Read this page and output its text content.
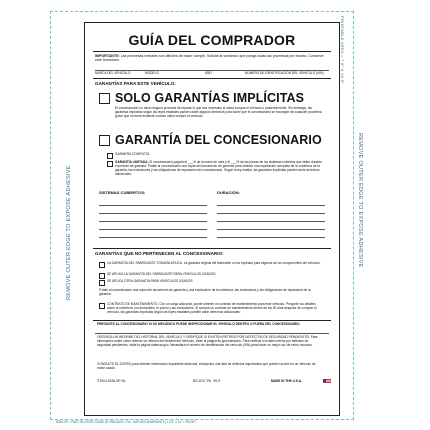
REMOVE OUTER EDGE TO EXPOSE ADHESIVE	REMOVE OUTER EDGE TO EXPOSE ADHESIVE
PRINTABLE AREA = 7.5" X 10.5"
GUÍA DEL COMPRADOR
IMPORTANTE: Las promesas verbales son difíciles de hacer cumplir. Solicite al vendedor que ponga todas las promesas por escrito. Conserve este formulario.
MARCA DEL VEHÍCULO	MODELO	AÑO	NÚMERO DE IDENTIFICACIÓN DEL VEHÍCULO (VIN)
GARANTÍAS PARA ESTE VEHÍCULO:
SOLO GARANTÍAS IMPLÍCITAS
El concesionario no hace ninguna promesa de reparar lo que sea necesario si usted compra el vehículo o posteriormente. Sin embargo, las garantías implícitas según las leyes estatales pueden darle algunos derechos para hacer que el concesionario se encargue de cualquier problema grave que no fuera evidente cuando usted compró el vehículo.
GARANTÍA DEL CONCESIONARIO
GARANTÍA COMPLETA.
GARANTÍA LIMITADA. El concesionario pagará el ___% de la mano de obra y el ___% de las piezas de los sistemas cubiertos que fallen durante el periodo de garantía. Pídale al concesionario una copia del documento de garantía para obtener una explicación completa de la cobertura de la garantía, las exclusiones y las obligaciones de reparación del concesionario. Según la ley estatal, las garantías implícitas pueden darle derechos adicionales.
SISTEMAS CUBIERTOS:	DURACIÓN:
GARANTÍAS QUE NO PERTENECEN AL CONCESIONARIO:
LA GARANTÍA DEL FABRICANTE TODAVÍA APLICA. La garantía original del fabricante no ha expirado para algunos de los componentes del vehículo.
SE APLICA LA GARANTÍA DEL FABRICANTE PARA VEHÍCULOS USADOS.
SE APLICA OTRA GARANTÍA PARA VEHÍCULOS USADOS.
Pídale al concesionario una copia del documento de garantía y una explicación de la cobertura, las exclusiones y las obligaciones de reparación de la garantía.
CONTRATO DE MANTENIMIENTO. Con un cargo adicional, puede obtener un contrato de mantenimiento para este vehículo. Pregunte los detalles sobre la cobertura, los deducibles, el precio y las exclusiones. Si compra un contrato de mantenimiento dentro de los 90 días después de comprar el vehículo, las garantías implícitas según las leyes estatales pueden darle derechos adicionales.
PREGUNTE AL CONCESIONARIO SI SU MECÁNICO PUEDE INSPECCIONAR EL VEHÍCULO DENTRO O FUERA DEL CONCESIONARIO.
OBTENGA UN INFORME DEL HISTORIAL DEL VEHÍCULO Y VERIFIQUE SI EXISTEN RETIROS POR DEFECTOS DE SEGURIDAD PENDIENTES. Para información sobre cómo obtener un informe del historial del Vehículo, visite la página ftc.gov/usedcars. Para verificar si existen retiros por defectos de seguridad pendientes, visite la página safercar.gov. Necesitará el número de identificación del vehículo (VIN) para hacer un mejor uso de estos recursos.
CONSULTE EL DORSO para obtener información importante adicional, incluyendo una lista de defectos importantes que pueden ocurrir en un vehículo de motor usado.
ITEM # 8254-SP-NL	BG-2017-PA · 99-S	MADE IN THE U.S.A.
8254-SP • PART BUYERS GUIDE (FORM #2017-PA - IMPLIED WARRANTY) • 8.5" x 11" • FRONT
